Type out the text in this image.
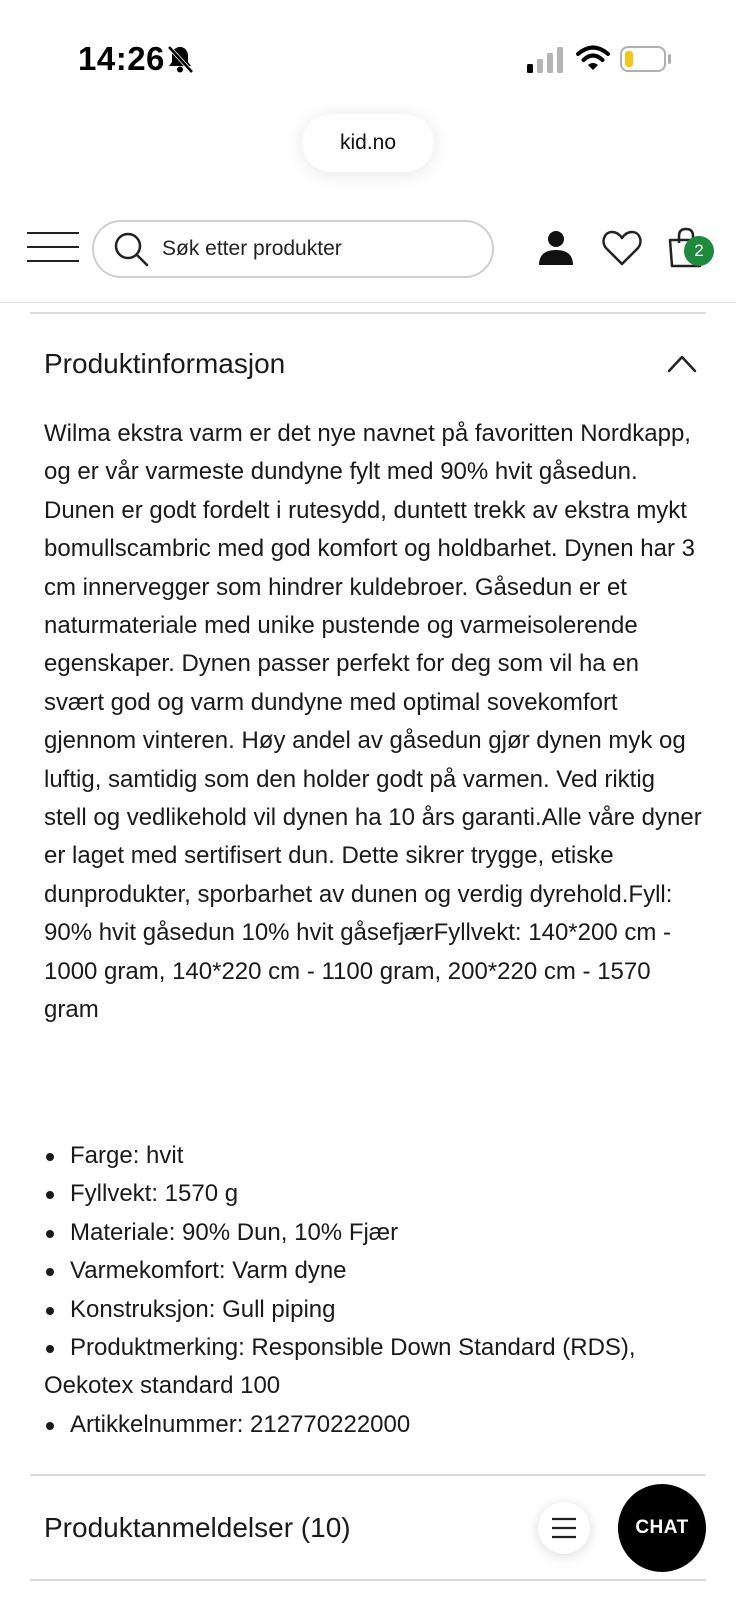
14:26
kid.no
Søk etter produkter
2
Produktinformasjon

Wilma ekstra varm er det nye navnet på favoritten Nordkapp, og er vår varmeste dundyne fylt med 90% hvit gåsedun. Dunen er godt fordelt i rutesydd, duntett trekk av ekstra mykt bomullscambric med god komfort og holdbarhet. Dynen har 3 cm innervegger som hindrer kuldebroer. Gåsedun er et naturmateriale med unike pustende og varmeisolerende egenskaper. Dynen passer perfekt for deg som vil ha en svært god og varm dundyne med optimal sovekomfort gjennom vinteren. Høy andel av gåsedun gjør dynen myk og luftig, samtidig som den holder godt på varmen. Ved riktig stell og vedlikehold vil dynen ha 10 års garanti.Alle våre dyner er laget med sertifisert dun. Dette sikrer trygge, etiske dunprodukter, sporbarhet av dunen og verdig dyrehold.Fyll: 90% hvit gåsedun 10% hvit gåsefjærFyllvekt: 140*200 cm - 1000 gram, 140*220 cm - 1100 gram, 200*220 cm - 1570 gram

Farge: hvit
Fyllvekt: 1570 g
Materiale: 90% Dun, 10% Fjær
Varmekomfort: Varm dyne
Konstruksjon: Gull piping
Produktmerking: Responsible Down Standard (RDS), Oekotex standard 100
Artikkelnummer: 212770222000
Produktanmeldelser (10)	CHAT
